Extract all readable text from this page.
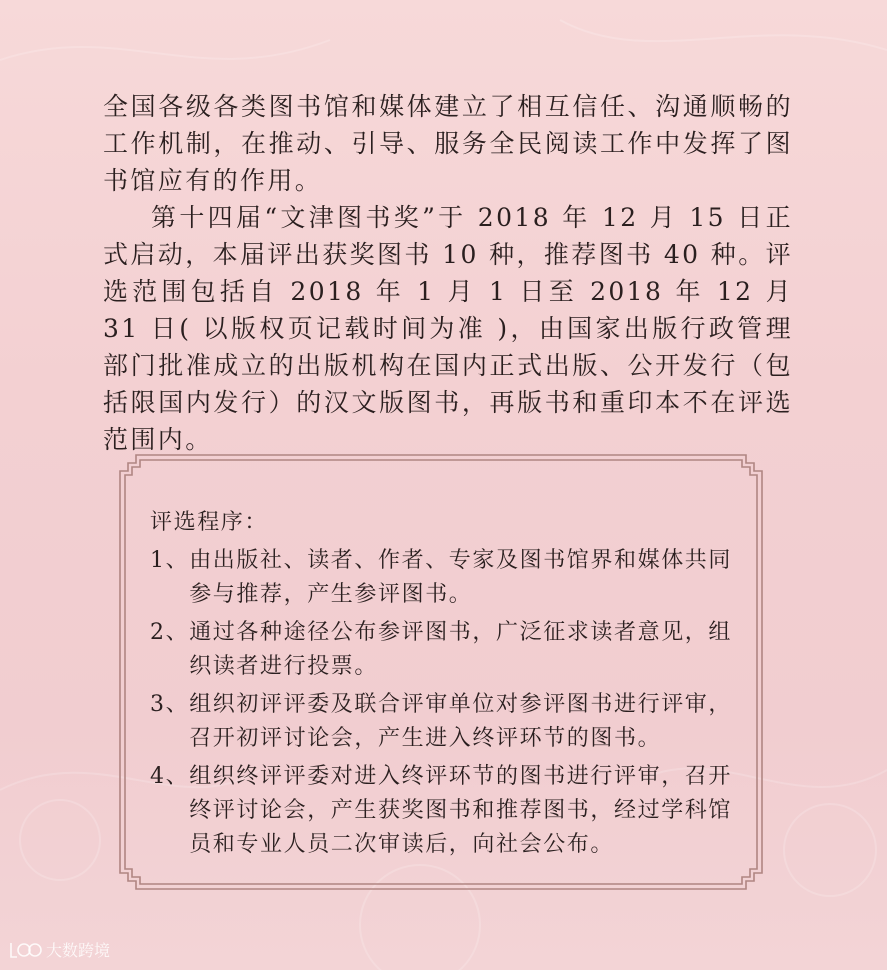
全国各级各类图书馆和媒体建立了相互信任、沟通顺畅的工作机制，在推动、引导、服务全民阅读工作中发挥了图书馆应有的作用。

第十四届“文津图书奖”于 2018 年 12 月 15 日正式启动，本届评出获奖图书 10 种，推荐图书 40 种。评选范围包括自 2018 年 1 月 1 日至 2018 年 12 月 31 日( 以版权页记载时间为准 )，由国家出版行政管理部门批准成立的出版机构在国内正式出版、公开发行（包括限国内发行）的汉文版图书，再版书和重印本不在评选范围内。

评选程序：
1、 由出版社、读者、作者、专家及图书馆界和媒体共同参与推荐，产生参评图书。
2、 通过各种途径公布参评图书，广泛征求读者意见，组织读者进行投票。
3、 组织初评评委及联合评审单位对参评图书进行评审，召开初评讨论会，产生进入终评环节的图书。
4、 组织终评评委对进入终评环节的图书进行评审，召开终评讨论会，产生获奖图书和推荐图书，经过学科馆员和专业人员二次审读后，向社会公布。
大数跨境
